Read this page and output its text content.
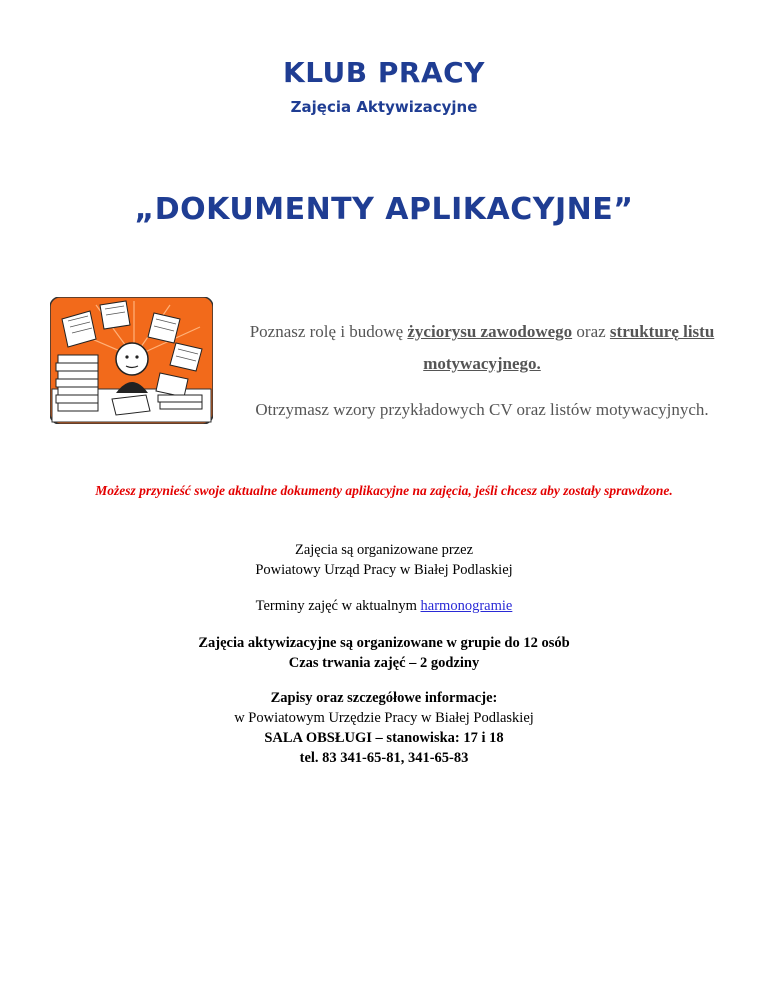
KLUB PRACY
Zajęcia Aktywizacyjne
„DOKUMENTY APLIKACYJNE”
Poznasz rolę i budowę życiorysu zawodowego oraz strukturę listu motywacyjnego.
Otrzymasz wzory przykładowych CV oraz listów motywacyjnych.
Możesz przynieść swoje aktualne dokumenty aplikacyjne na zajęcia, jeśli chcesz aby zostały sprawdzone.
Zajęcia są organizowane przez
Powiatowy Urząd Pracy w Białej Podlaskiej
Terminy zajęć w aktualnym harmonogramie
Zajęcia aktywizacyjne są organizowane w grupie do 12 osób
Czas trwania zajęć – 2 godziny
Zapisy oraz szczegółowe informacje:
w Powiatowym Urzędzie Pracy w Białej Podlaskiej
SALA OBSŁUGI – stanowiska: 17 i 18
tel. 83 341-65-81, 341-65-83
